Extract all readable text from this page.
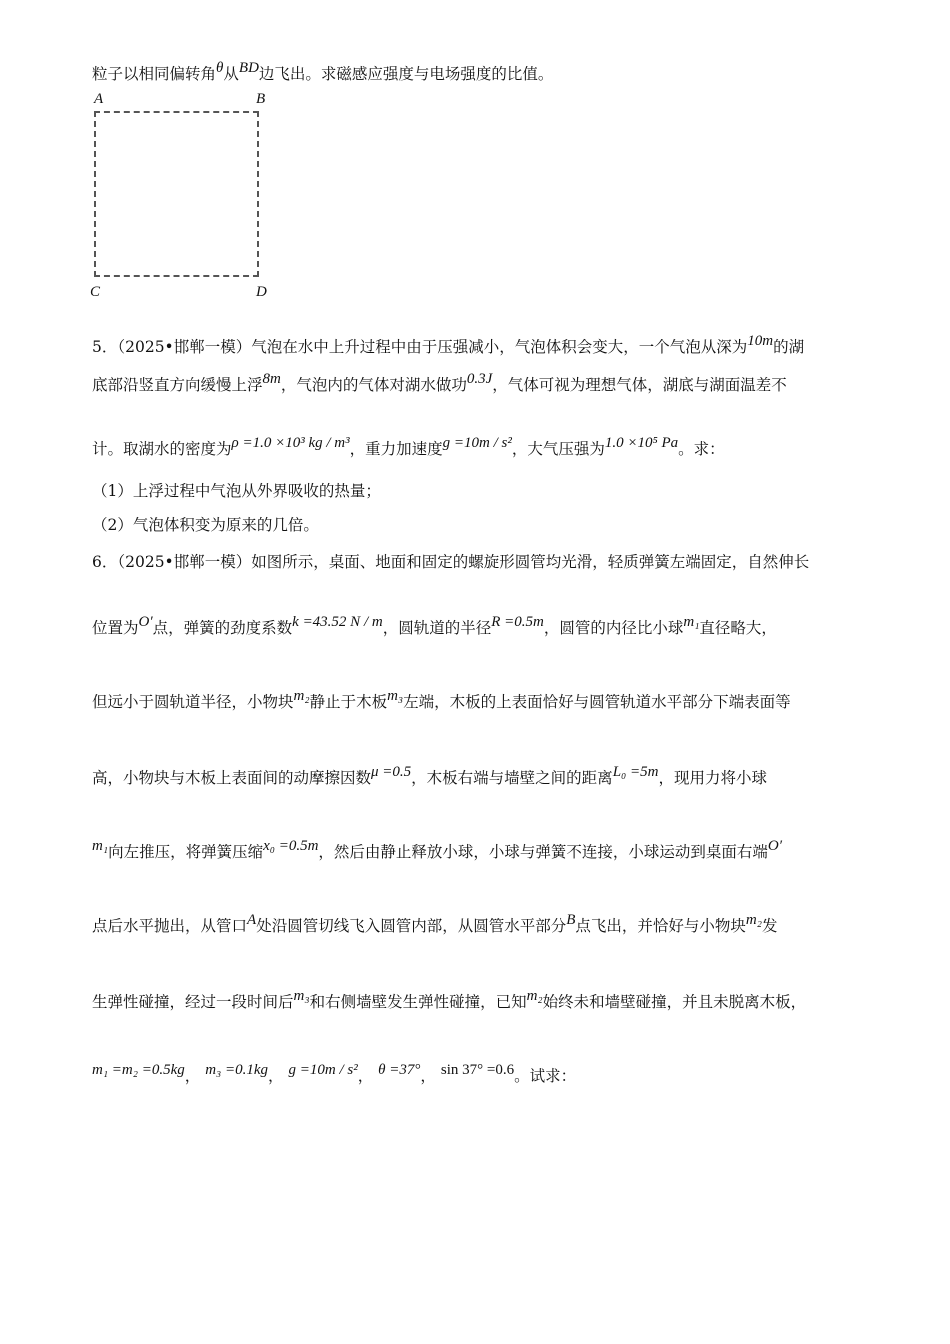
粒子以相同偏转角θ从BD边飞出。求磁感应强度与电场强度的比值。
A	B
C	D
5．（2025•邯郸一模）气泡在水中上升过程中由于压强减小，气泡体积会变大，一个气泡从深为10m的湖
底部沿竖直方向缓慢上浮8m，气泡内的气体对湖水做功0.3J，气体可视为理想气体，湖底与湖面温差不
计。取湖水的密度为ρ =1.0 ×10³ kg / m³，重力加速度g =10m / s²，大气压强为1.0 ×10⁵ Pa。求：
（1）上浮过程中气泡从外界吸收的热量；
（2）气泡体积变为原来的几倍。
6．（2025•邯郸一模）如图所示，桌面、地面和固定的螺旋形圆管均光滑，轻质弹簧左端固定，自然伸长
位置为O′点，弹簧的劲度系数k =43.52 N / m，圆轨道的半径R =0.5m，圆管的内径比小球m₁直径略大，
但远小于圆轨道半径，小物块m₂静止于木板m₃左端，木板的上表面恰好与圆管轨道水平部分下端表面等
高，小物块与木板上表面间的动摩擦因数μ =0.5，木板右端与墙壁之间的距离L₀ =5m，现用力将小球
m₁向左推压，将弹簧压缩x₀ =0.5m，然后由静止释放小球，小球与弹簧不连接，小球运动到桌面右端O′
点后水平抛出，从管口A处沿圆管切线飞入圆管内部，从圆管水平部分B点飞出，并恰好与小物块m₂发
生弹性碰撞，经过一段时间后m₃和右侧墙壁发生弹性碰撞，已知m₂始终未和墙壁碰撞，并且未脱离木板，
m₁ =m₂ =0.5kg， m₃ =0.1kg， g =10m / s²， θ =37°， sin 37° =0.6。试求：
